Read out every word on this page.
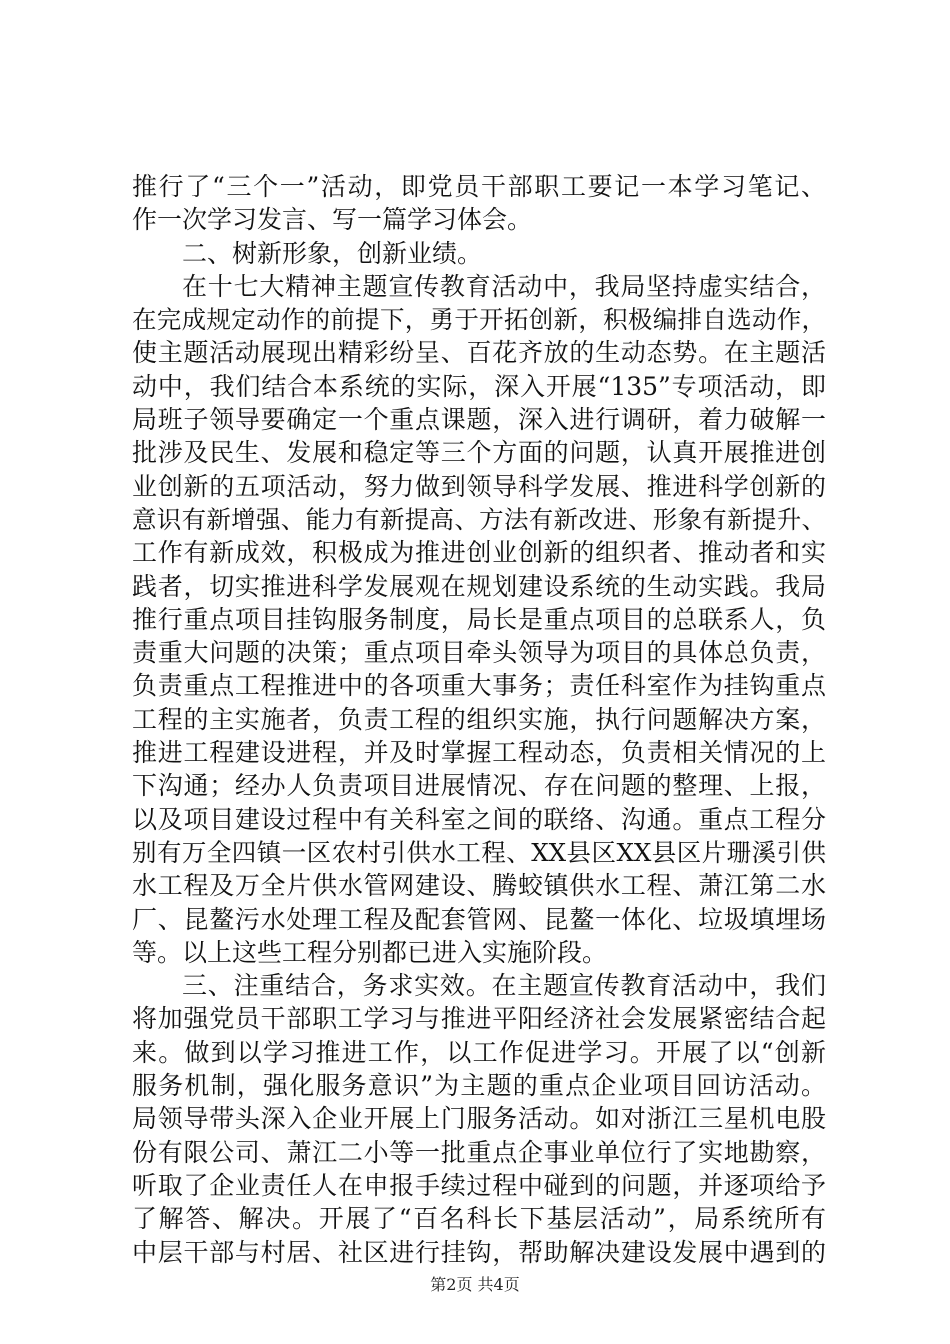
推行了“三个一”活动，即党员干部职工要记一本学习笔记、
作一次学习发言、写一篇学习体会。
二、树新形象，创新业绩。
在十七大精神主题宣传教育活动中，我局坚持虚实结合，
在完成规定动作的前提下，勇于开拓创新，积极编排自选动作，
使主题活动展现出精彩纷呈、百花齐放的生动态势。在主题活
动中，我们结合本系统的实际，深入开展“135”专项活动，即
局班子领导要确定一个重点课题，深入进行调研，着力破解一
批涉及民生、发展和稳定等三个方面的问题，认真开展推进创
业创新的五项活动，努力做到领导科学发展、推进科学创新的
意识有新增强、能力有新提高、方法有新改进、形象有新提升、
工作有新成效，积极成为推进创业创新的组织者、推动者和实
践者，切实推进科学发展观在规划建设系统的生动实践。我局
推行重点项目挂钩服务制度，局长是重点项目的总联系人，负
责重大问题的决策；重点项目牵头领导为项目的具体总负责，
负责重点工程推进中的各项重大事务；责任科室作为挂钩重点
工程的主实施者，负责工程的组织实施，执行问题解决方案，
推进工程建设进程，并及时掌握工程动态，负责相关情况的上
下沟通；经办人负责项目进展情况、存在问题的整理、上报，
以及项目建设过程中有关科室之间的联络、沟通。重点工程分
别有万全四镇一区农村引供水工程、XX县区XX县区片珊溪引供
水工程及万全片供水管网建设、腾蛟镇供水工程、萧江第二水
厂、昆鳌污水处理工程及配套管网、昆鳌一体化、垃圾填埋场
等。以上这些工程分别都已进入实施阶段。
三、注重结合，务求实效。在主题宣传教育活动中，我们
将加强党员干部职工学习与推进平阳经济社会发展紧密结合起
来。做到以学习推进工作，以工作促进学习。开展了以“创新
服务机制，强化服务意识”为主题的重点企业项目回访活动。
局领导带头深入企业开展上门服务活动。如对浙江三星机电股
份有限公司、萧江二小等一批重点企事业单位行了实地勘察，
听取了企业责任人在申报手续过程中碰到的问题，并逐项给予
了解答、解决。开展了“百名科长下基层活动”，局系统所有
中层干部与村居、社区进行挂钩，帮助解决建设发展中遇到的
第2页 共4页
